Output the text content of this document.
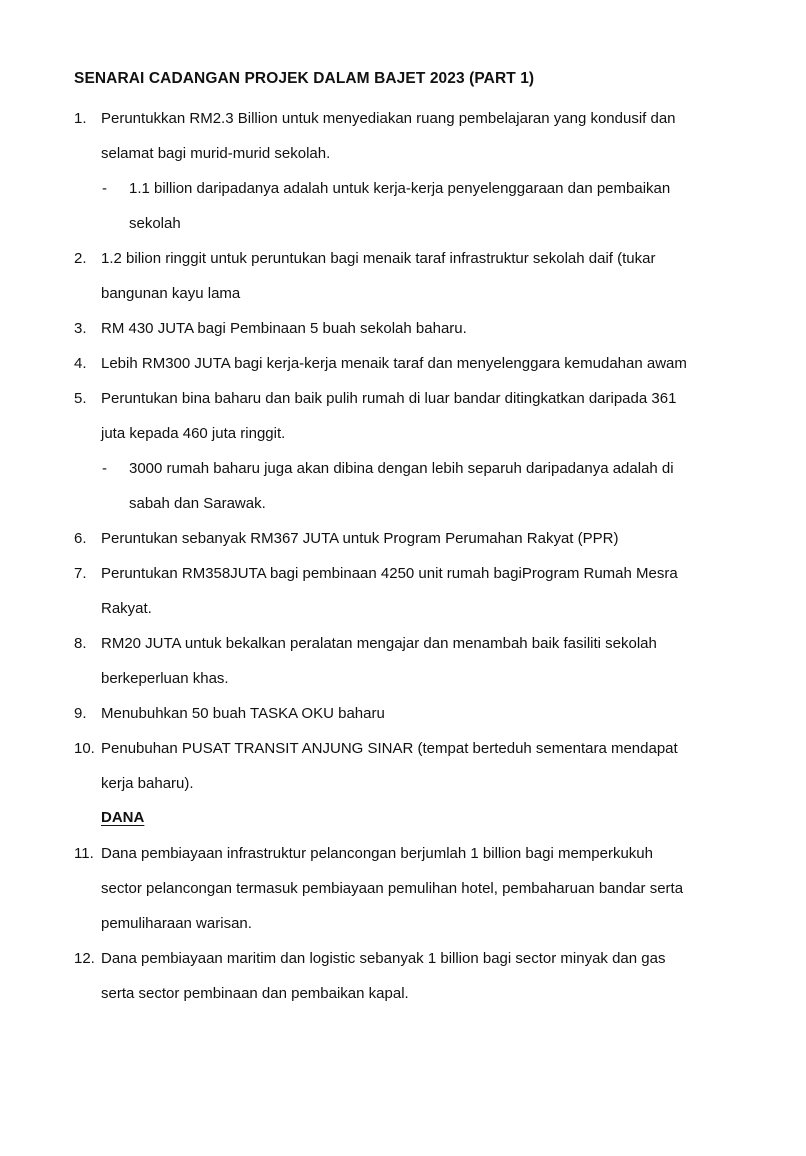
SENARAI CADANGAN PROJEK DALAM BAJET 2023 (PART 1)
1. Peruntukkan RM2.3 Billion untuk menyediakan ruang pembelajaran yang kondusif dan
selamat bagi murid-murid sekolah.
- 1.1 billion daripadanya adalah untuk kerja-kerja penyelenggaraan dan pembaikan
sekolah
2. 1.2 bilion ringgit untuk peruntukan bagi menaik taraf infrastruktur sekolah daif (tukar
bangunan kayu lama
3. RM 430 JUTA bagi Pembinaan 5 buah sekolah baharu.
4. Lebih RM300 JUTA bagi kerja-kerja menaik taraf dan menyelenggara kemudahan awam
5. Peruntukan bina baharu dan baik pulih rumah di luar bandar ditingkatkan daripada 361
juta kepada 460 juta ringgit.
- 3000 rumah baharu juga akan dibina dengan lebih separuh daripadanya adalah di
sabah dan Sarawak.
6. Peruntukan sebanyak RM367 JUTA untuk Program Perumahan Rakyat (PPR)
7. Peruntukan RM358JUTA bagi pembinaan 4250 unit rumah bagiProgram Rumah Mesra
Rakyat.
8. RM20 JUTA untuk bekalkan peralatan mengajar dan menambah baik fasiliti sekolah
berkeperluan khas.
9. Menubuhkan 50 buah TASKA OKU baharu
10. Penubuhan PUSAT TRANSIT ANJUNG SINAR (tempat berteduh sementara mendapat
kerja baharu).
DANA
11. Dana pembiayaan infrastruktur pelancongan berjumlah 1 billion bagi memperkukuh
sector pelancongan termasuk pembiayaan pemulihan hotel, pembaharuan bandar serta
pemuliharaan warisan.
12. Dana pembiayaan maritim dan logistic sebanyak 1 billion bagi sector minyak dan gas
serta sector pembinaan dan pembaikan kapal.
